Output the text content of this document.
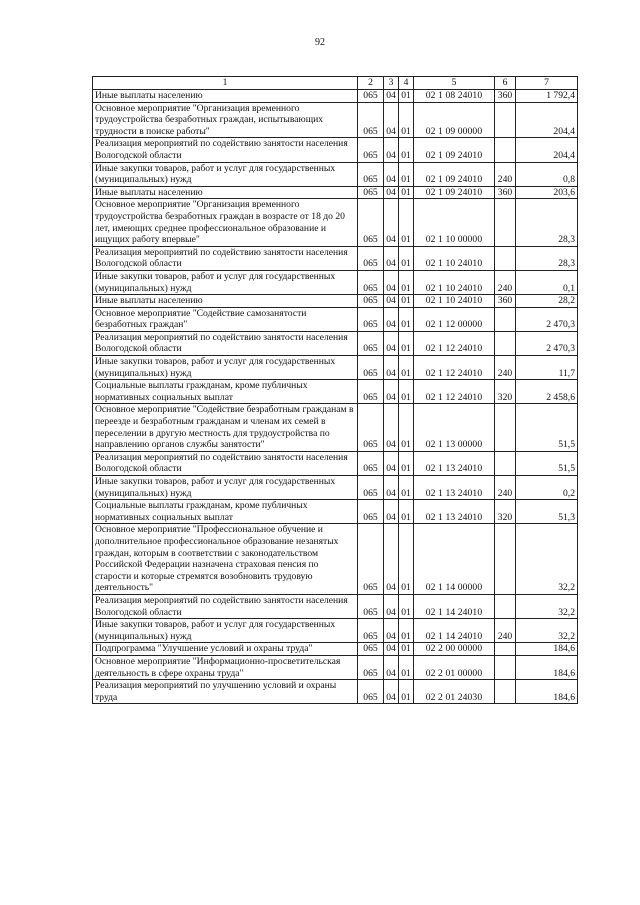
92
1	2	3	4	5	6	7
Иные выплаты населению	065	04	01	02 1 08 24010	360	1 792,4
Основное мероприятие "Организация временного трудоустройства безработных граждан, испытывающих трудности в поиске работы"	065	04	01	02 1 09 00000		204,4
Реализация мероприятий по содействию занятости населения Вологодской области	065	04	01	02 1 09 24010		204,4
Иные закупки товаров, работ и услуг для государственных (муниципальных) нужд	065	04	01	02 1 09 24010	240	0,8
Иные выплаты населению	065	04	01	02 1 09 24010	360	203,6
Основное мероприятие "Организация временного трудоустройства безработных граждан в возрасте от 18 до 20 лет, имеющих среднее профессиональное образование и ищущих работу впервые"	065	04	01	02 1 10 00000		28,3
Реализация мероприятий по содействию занятости населения Вологодской области	065	04	01	02 1 10 24010		28,3
Иные закупки товаров, работ и услуг для государственных (муниципальных) нужд	065	04	01	02 1 10 24010	240	0,1
Иные выплаты населению	065	04	01	02 1 10 24010	360	28,2
Основное мероприятие "Содействие самозанятости безработных граждан"	065	04	01	02 1 12 00000		2 470,3
Реализация мероприятий по содействию занятости населения Вологодской области	065	04	01	02 1 12 24010		2 470,3
Иные закупки товаров, работ и услуг для государственных (муниципальных) нужд	065	04	01	02 1 12 24010	240	11,7
Социальные выплаты гражданам, кроме публичных нормативных социальных выплат	065	04	01	02 1 12 24010	320	2 458,6
Основное мероприятие "Содействие безработным гражданам в переезде и безработным гражданам и членам их семей в переселении в другую местность для трудоустройства по направлению органов службы занятости"	065	04	01	02 1 13 00000		51,5
Реализация мероприятий по содействию занятости населения Вологодской области	065	04	01	02 1 13 24010		51,5
Иные закупки товаров, работ и услуг для государственных (муниципальных) нужд	065	04	01	02 1 13 24010	240	0,2
Социальные выплаты гражданам, кроме публичных нормативных социальных выплат	065	04	01	02 1 13 24010	320	51,3
Основное мероприятие "Профессиональное обучение и дополнительное профессиональное образование незанятых граждан, которым в соответствии с законодательством Российской Федерации назначена страховая пенсия по старости и которые стремятся возобновить трудовую деятельность"	065	04	01	02 1 14 00000		32,2
Реализация мероприятий по содействию занятости населения Вологодской области	065	04	01	02 1 14 24010		32,2
Иные закупки товаров, работ и услуг для государственных (муниципальных) нужд	065	04	01	02 1 14 24010	240	32,2
Подпрограмма "Улучшение условий и охраны труда"	065	04	01	02 2 00 00000		184,6
Основное мероприятие "Информационно-просветительская деятельность в сфере охраны труда"	065	04	01	02 2 01 00000		184,6
Реализация мероприятий по улучшению условий и охраны труда	065	04	01	02 2 01 24030		184,6
